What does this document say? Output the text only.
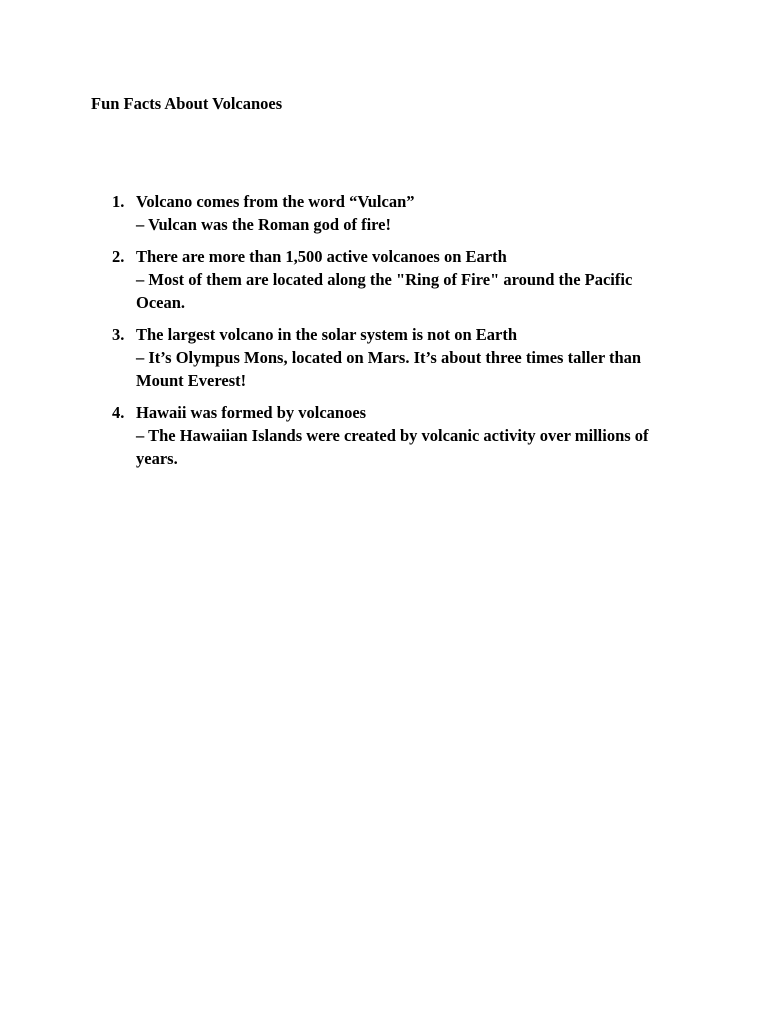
Fun Facts About Volcanoes
1. Volcano comes from the word “Vulcan”
– Vulcan was the Roman god of fire!
2. There are more than 1,500 active volcanoes on Earth
– Most of them are located along the "Ring of Fire" around the Pacific Ocean.
3. The largest volcano in the solar system is not on Earth
– It’s Olympus Mons, located on Mars. It’s about three times taller than Mount Everest!
4. Hawaii was formed by volcanoes
– The Hawaiian Islands were created by volcanic activity over millions of years.
